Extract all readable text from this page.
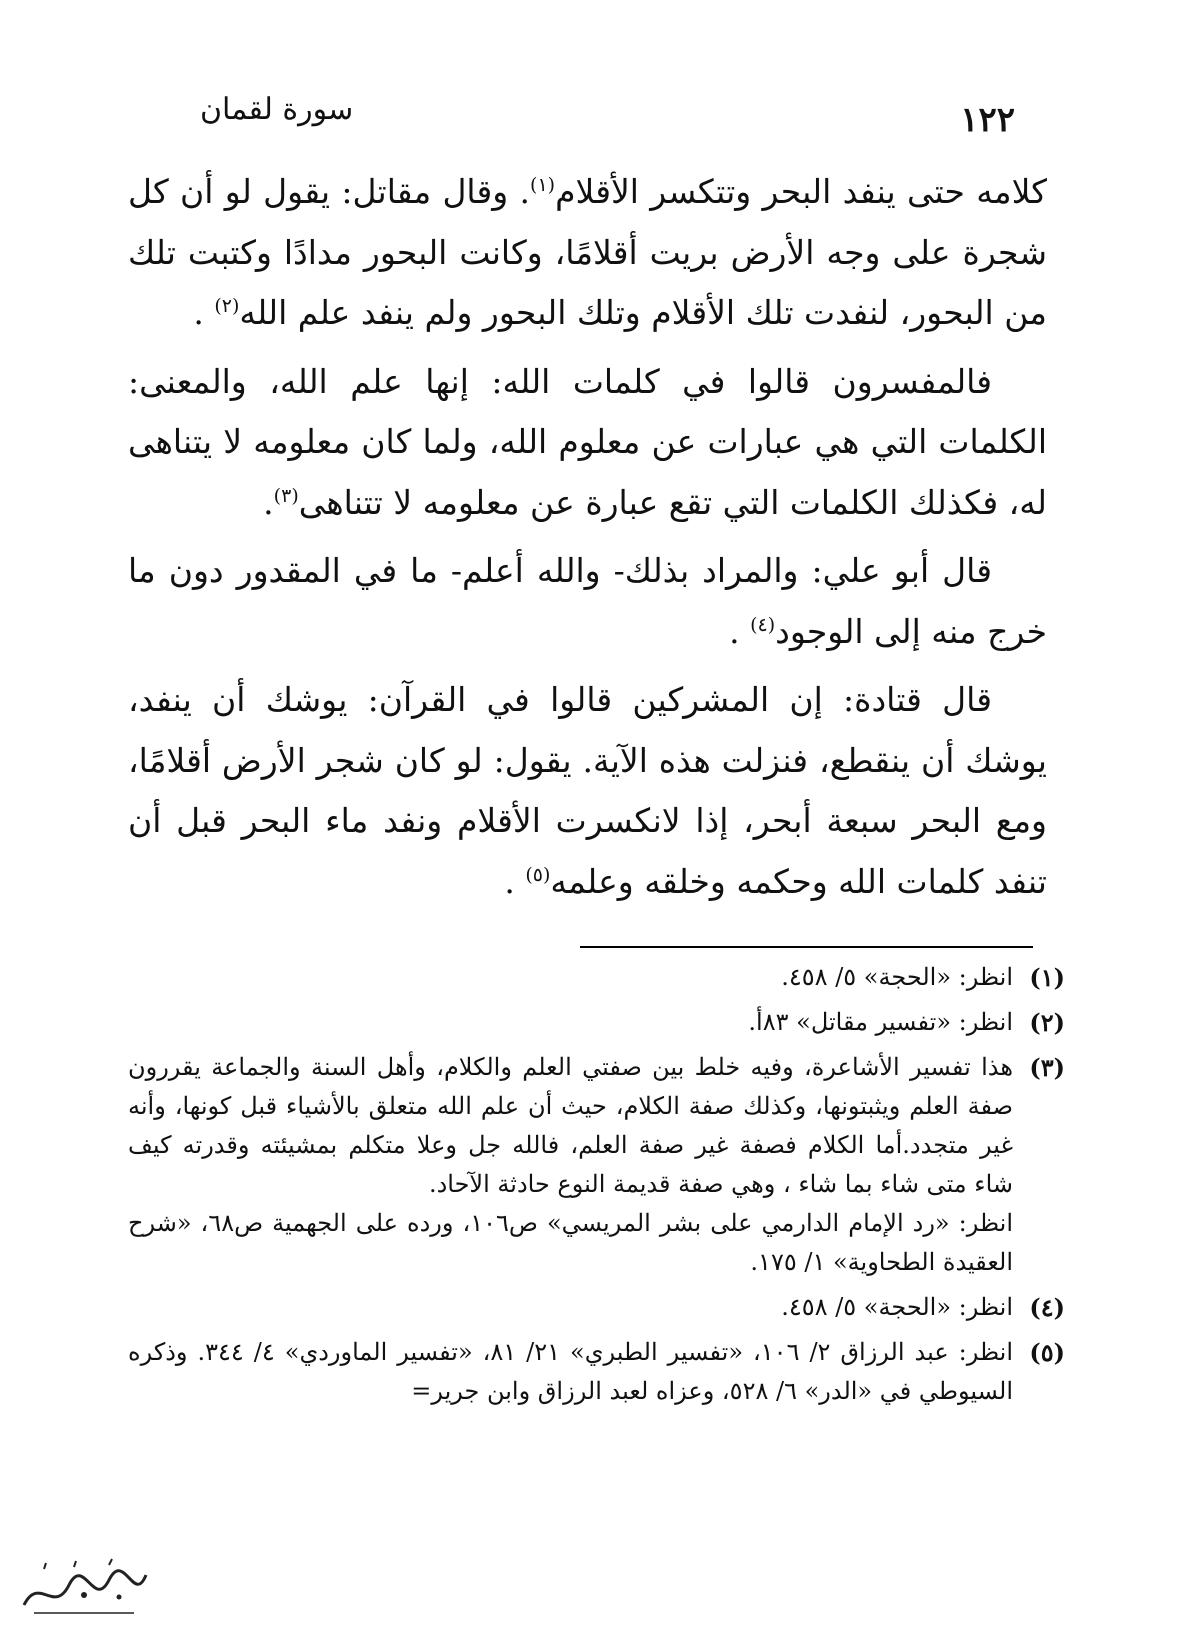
١٢٢
سورة لقمان

كلامه حتى ينفد البحر وتتكسر الأقلام$^{(١)}$. وقال مقاتل: يقول لو أن كل شجرة على وجه الأرض بريت أقلامًا، وكانت البحور مدادًا وكتبت تلك من البحور، لنفدت تلك الأقلام وتلك البحور ولم ينفد علم الله$^{(٢)}$ .

فالمفسرون قالوا في كلمات الله: إنها علم الله، والمعنى: الكلمات التي هي عبارات عن معلوم الله، ولما كان معلومه لا يتناهى له، فكذلك الكلمات التي تقع عبارة عن معلومه لا تتناهى$^{(٣)}$.

قال أبو علي: والمراد بذلك- والله أعلم- ما في المقدور دون ما خرج منه إلى الوجود$^{(٤)}$ .

قال قتادة: إن المشركين قالوا في القرآن: يوشك أن ينفد، يوشك أن ينقطع، فنزلت هذه الآية. يقول: لو كان شجر الأرض أقلامًا، ومع البحر سبعة أبحر، إذا لانكسرت الأقلام ونفد ماء البحر قبل أن تنفد كلمات الله وحكمه وخلقه وعلمه$^{(٥)}$ .

(١)

انظر: «الحجة» ٥/ ٤٥٨.

(٢)

انظر: «تفسير مقاتل» ٨٣أ.

(٣)

هذا تفسير الأشاعرة، وفيه خلط بين صفتي العلم والكلام، وأهل السنة والجماعة يقررون صفة العلم ويثبتونها، وكذلك صفة الكلام، حيث أن علم الله متعلق بالأشياء قبل كونها، وأنه غير متجدد.أما الكلام فصفة غير صفة العلم، فالله جل وعلا متكلم بمشيئته وقدرته كيف شاء متى شاء بما شاء ، وهي صفة قديمة النوع حادثة الآحاد.

انظر: «رد الإمام الدارمي على بشر المريسي» ص١٠٦، ورده على الجهمية ص٦٨، «شرح العقيدة الطحاوية» ١/ ١٧٥.

(٤)

انظر: «الحجة» ٥/ ٤٥٨.

(٥)

انظر: عبد الرزاق ٢/ ١٠٦، «تفسير الطبري» ٢١/ ٨١، «تفسير الماوردي» ٤/ ٣٤٤. وذكره السيوطي في «الدر» ٦/ ٥٢٨، وعزاه لعبد الرزاق وابن جرير=
